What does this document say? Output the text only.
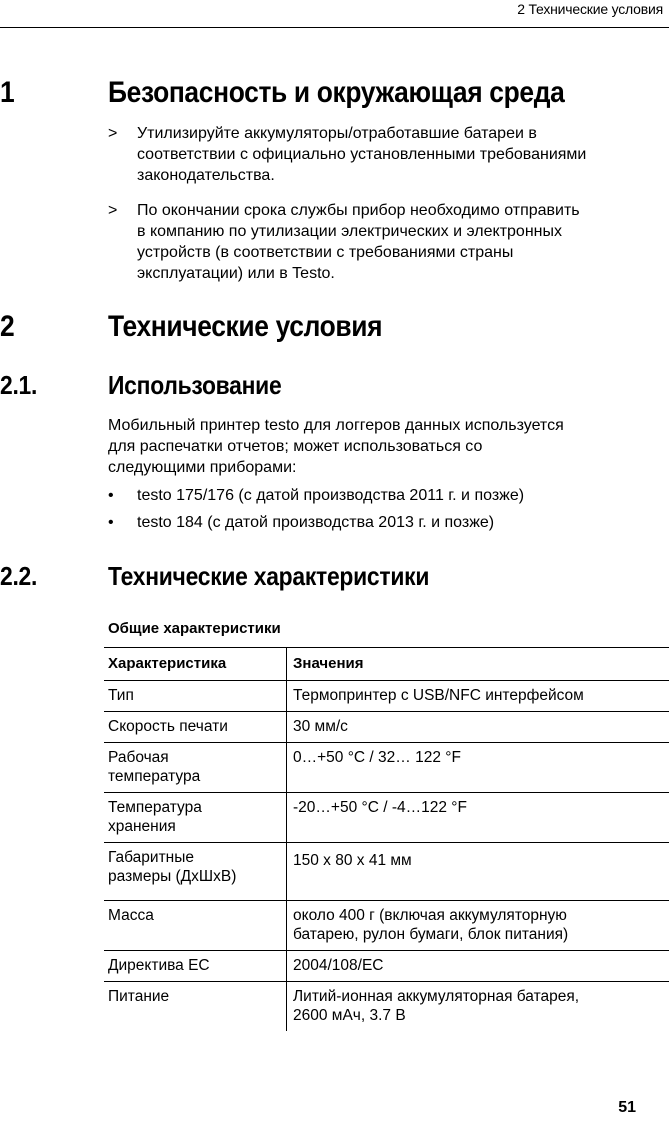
2 Технические условия
1	Безопасность и окружающая среда
> Утилизируйте аккумуляторы/отработавшие батареи в
соответствии с официально установленными требованиями
законодательства.
> По окончании срока службы прибор необходимо отправить
в компанию по утилизации электрических и электронных
устройств (в соответствии с требованиями страны
эксплуатации) или в Testo.
2	Технические условия
2.1.	Использование
Мобильный принтер testo для логгеров данных используется
для распечатки отчетов; может использоваться со
следующими приборами:
• testo 175/176 (с датой производства 2011 г. и позже)
• testo 184 (с датой производства 2013 г. и позже)
2.2.	Технические характеристики
Общие характеристики
Характеристика	Значения
Тип	Термопринтер с USB/NFC интерфейсом
Скорость печати	30 мм/с
Рабочая
температура	0…+50 °C / 32… 122 °F
Температура
хранения	-20…+50 °C / -4…122 °F
Габаритные
размеры (ДхШхВ)	150 x 80 x 41 мм
Масса	около 400 г (включая аккумуляторную
батарею, рулон бумаги, блок питания)
Директива ЕС	2004/108/EC
Питание	Литий-ионная аккумуляторная батарея,
2600 мАч, 3.7 В
51
